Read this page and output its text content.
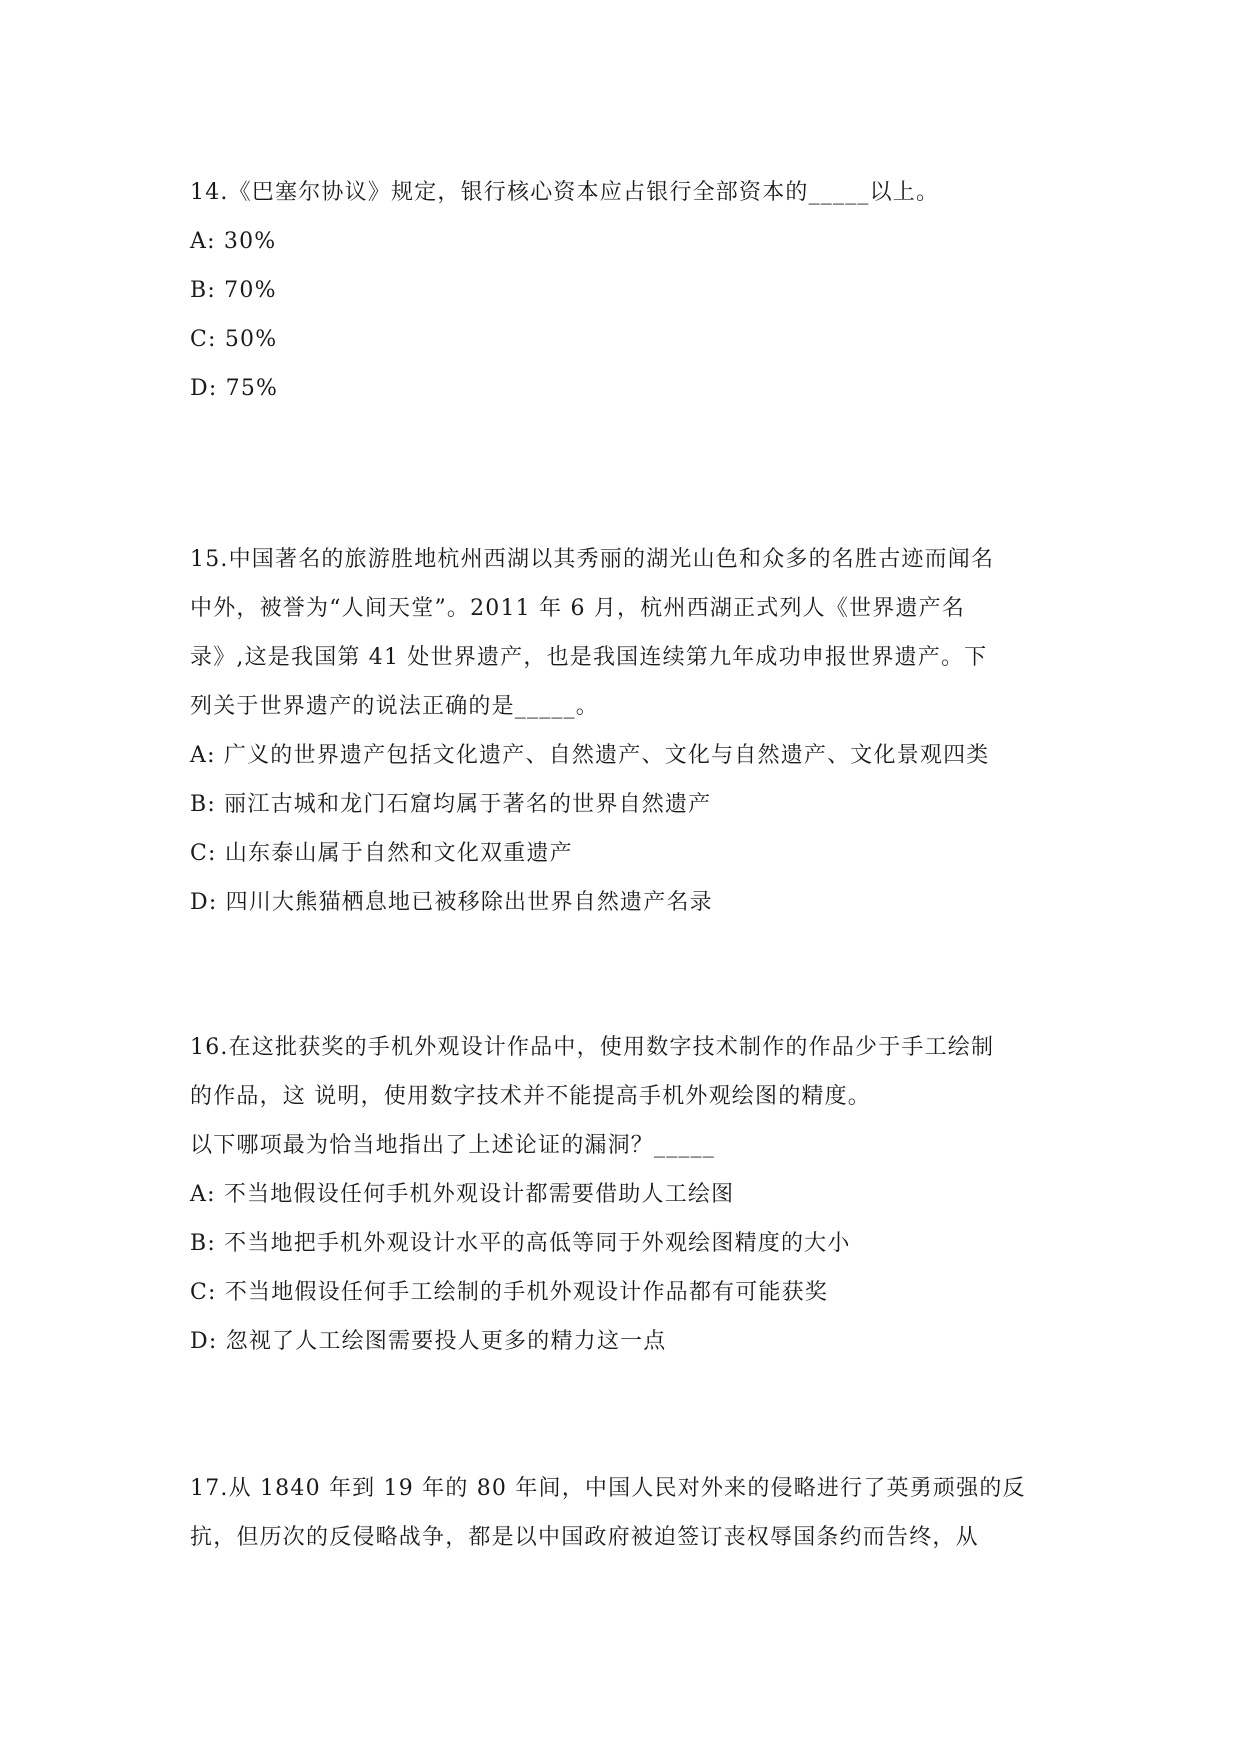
14.《巴塞尔协议》规定，银行核心资本应占银行全部资本的_____以上。
A: 30%
B: 70%
C: 50%
D: 75%
15.中国著名的旅游胜地杭州西湖以其秀丽的湖光山色和众多的名胜古迹而闻名
中外，被誉为“人间天堂”。2011 年 6 月，杭州西湖正式列人《世界遗产名
录》,这是我国第 41 处世界遗产，也是我国连续第九年成功申报世界遗产。下
列关于世界遗产的说法正确的是_____。
A: 广义的世界遗产包括文化遗产、自然遗产、文化与自然遗产、文化景观四类
B: 丽江古城和龙门石窟均属于著名的世界自然遗产
C: 山东泰山属于自然和文化双重遗产
D: 四川大熊猫栖息地已被移除出世界自然遗产名录
16.在这批获奖的手机外观设计作品中，使用数字技术制作的作品少于手工绘制
的作品，这 说明，使用数字技术并不能提高手机外观绘图的精度。
以下哪项最为恰当地指出了上述论证的漏洞？_____
A: 不当地假设任何手机外观设计都需要借助人工绘图
B: 不当地把手机外观设计水平的高低等同于外观绘图精度的大小
C: 不当地假设任何手工绘制的手机外观设计作品都有可能获奖
D: 忽视了人工绘图需要投人更多的精力这一点
17.从 1840 年到 19 年的 80 年间，中国人民对外来的侵略进行了英勇顽强的反
抗，但历次的反侵略战争，都是以中国政府被迫签订丧权辱国条约而告终，从
